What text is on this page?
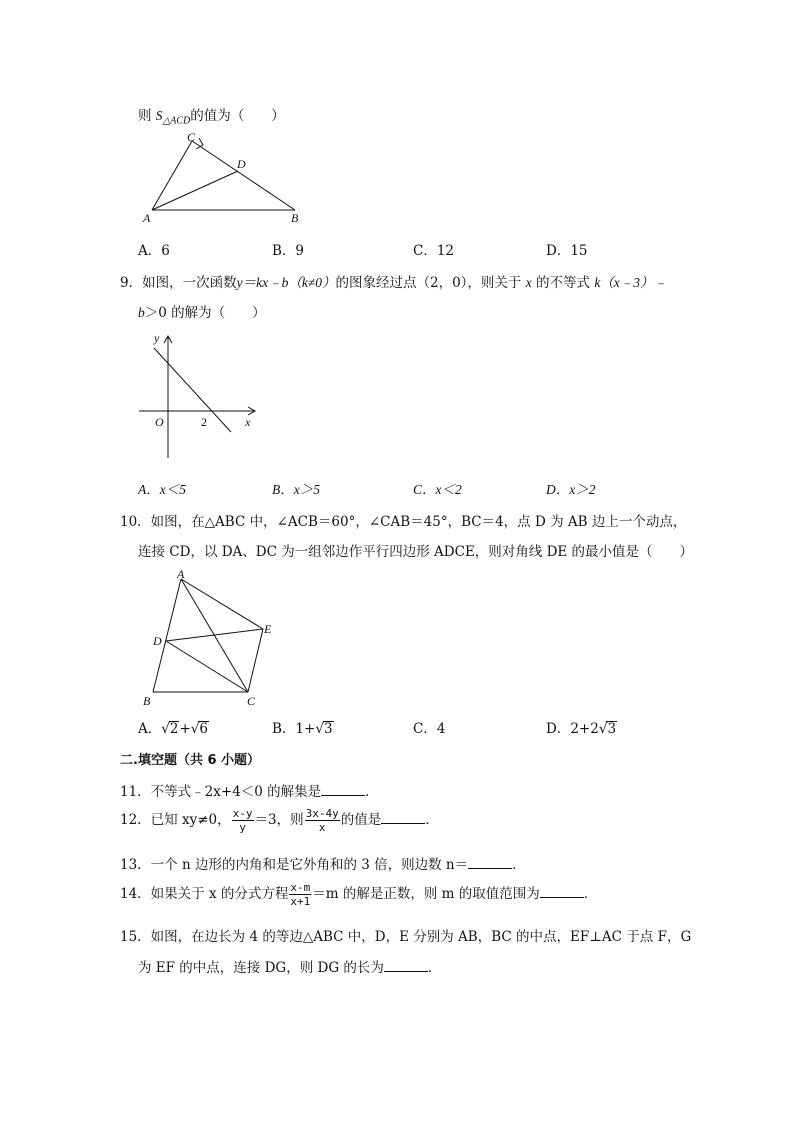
则 $S_{\triangle ACD}$的值为（　　）
C
D
A	B
A．6	B．9	C．12	D．15
9．如图，一次函数y＝kx﹣b（k≠0）的图象经过点（2，0），则关于 x 的不等式 k（x﹣3）﹣
b＞0 的解为（　　）
y
x
O	2
A．x＜5	B．x＞5	C．x＜2	D．x＞2
10．如图，在△ABC 中，∠ACB＝60°，∠CAB＝45°，BC＝4，点 D 为 AB 边上一个动点，
连接 CD，以 DA、DC 为一组邻边作平行四边形 ADCE，则对角线 DE 的最小值是（　　）
A
D
E
B	C
A．√2+√6	B．1+√3	C．4	D．2+2√3
二.填空题（共 6 小题）
11．不等式﹣2x+4＜0 的解集是	．
12．已知 xy≠0， $\frac{x-y}{y} =3$，则 $\frac{3x-4y}{x}$ 的值是	．
13．一个 n 边形的内角和是它外角和的 3 倍，则边数 n＝	．
14．如果关于 x 的分式方程 $\frac{x-m}{x+1} =m$ 的解是正数，则 m 的取值范围为	．
15．如图，在边长为 4 的等边△ABC 中，D，E 分别为 AB，BC 的中点，EF⊥AC 于点 F，G
为 EF 的中点，连接 DG，则 DG 的长为	．
